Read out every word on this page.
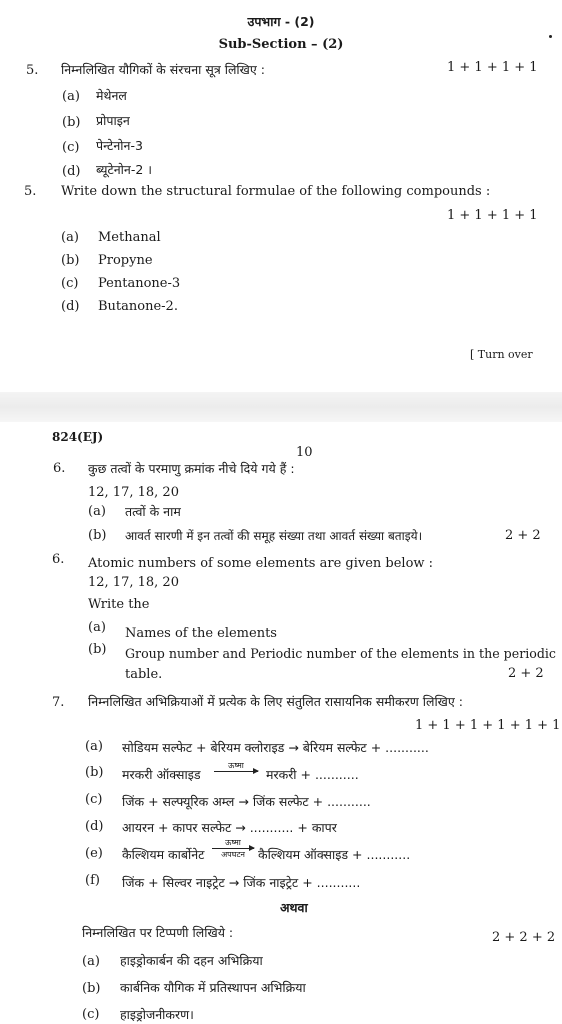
उपभाग - (2)
Sub-Section – (2)
5. निम्नलिखित यौगिकों के संरचना सूत्र लिखिए :	1 + 1 + 1 + 1
(a) मेथेनल
(b) प्रोपाइन
(c) पेन्टेनोन-3
(d) ब्यूटेनोन-2 ।
5. Write down the structural formulae of the following compounds :
1 + 1 + 1 + 1
(a) Methanal
(b) Propyne
(c) Pentanone-3
(d) Butanone-2.
[ Turn over
824(EJ)
10
6. कुछ तत्वों के परमाणु क्रमांक नीचे दिये गये हैं :
12, 17, 18, 20
(a) तत्वों के नाम
(b) आवर्त सारणी में इन तत्वों की समूह संख्या तथा आवर्त संख्या बताइये।	2 + 2
6. Atomic numbers of some elements are given below :
12, 17, 18, 20
Write the
(a) Names of the elements
(b) Group number and Periodic number of the elements in the periodic
table.	2 + 2
7. निम्नलिखित अभिक्रियाओं में प्रत्येक के लिए संतुलित रासायनिक समीकरण लिखिए :
1 + 1 + 1 + 1 + 1 + 1
(a) सोडियम सल्फेट + बेरियम क्लोराइड → बेरियम सल्फेट + ...........
(b) मरकरी ऑक्साइड
ऊष्मा
मरकरी + ...........
(c) जिंक + सल्फ्यूरिक अम्ल → जिंक सल्फेट + ...........
(d) आयरन + कापर सल्फेट → ........... + कापर
(e) कैल्शियम कार्बोनेट
ऊष्मा
अपघटन	कैल्शियम ऑक्साइड + ...........
(f) जिंक + सिल्वर नाइट्रेट → जिंक नाइट्रेट + ...........
अथवा
निम्नलिखित पर टिप्पणी लिखिये :	2 + 2 + 2
(a) हाइड्रोकार्बन की दहन अभिक्रिया
(b) कार्बनिक यौगिक में प्रतिस्थापन अभिक्रिया
(c) हाइड्रोजनीकरण।
